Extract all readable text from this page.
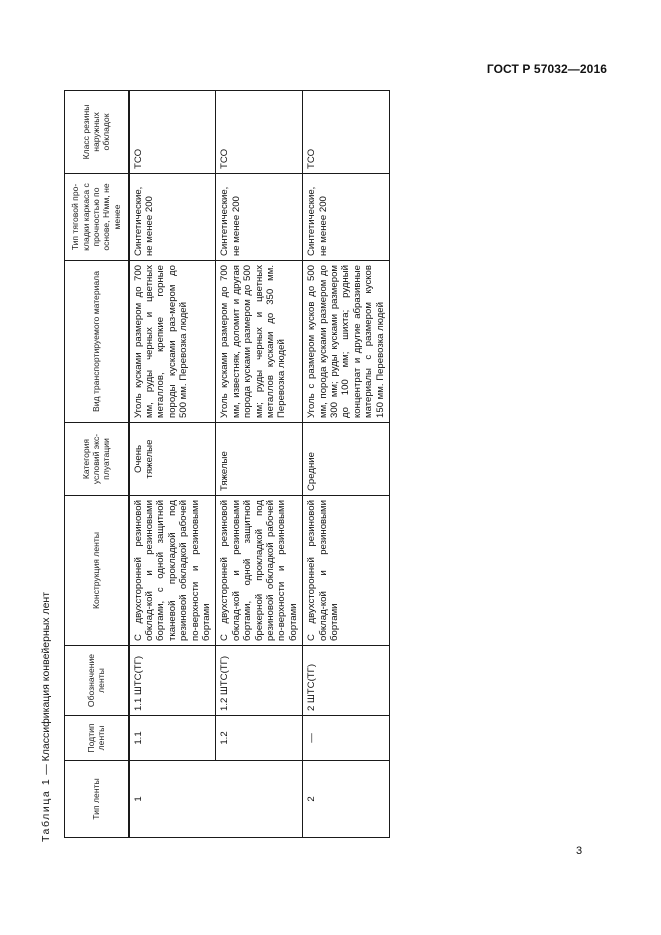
ГОСТ Р 57032—2016
Таблица 1 — Классификация конвейерных лент
Тип ленты	Подтип ленты	Обозначение ленты	Конструкция ленты	Категория условий экс-плуатации	Вид транспортируемого материала	Тип тяговой про-кладки каркаса с прочностью по основе, Н/мм, не менее	Класс резины наружных обкладок
1	1.1	1.1 ШТС(ТГ)	С двухсторонней резиновой обклад-кой и резиновыми бортами, с одной защитной тканевой прокладкой под резиновой обкладкой рабочей по-верхности и резиновыми бортами	Очень тяжелые	Уголь кусками размером до 700 мм, руды черных и цветных металлов, крепкие горные породы кусками раз-мером до 500 мм. Перевозка людей	Синтетические, не менее 200	ТСО
	1.2	1.2 ШТС(ТГ)	С двухсторонней резиновой обклад-кой и резиновыми бортами, одной защитной брекерной прокладкой под резиновой обкладкой рабочей по-верхности и резиновыми бортами	Тяжелые	Уголь кусками размером до 700 мм, известняк, доломит и другая порода кусками размером до 500 мм; руды черных и цветных металлов кусками до 350 мм. Перевозка людей	Синтетические, не менее 200	ТСО
2	—	2 ШТС(ТГ)	С двухсторонней резиновой обклад-кой и резиновыми бортами	Средние	Уголь с размером кусков до 500 мм, порода кусками размером до 300 мм; руды кусками размером до 100 мм; шихта; рудный концентрат и другие абразивные материалы с размером кусков 150 мм. Перевозка людей	Синтетические, не менее 200	ТСО
3
